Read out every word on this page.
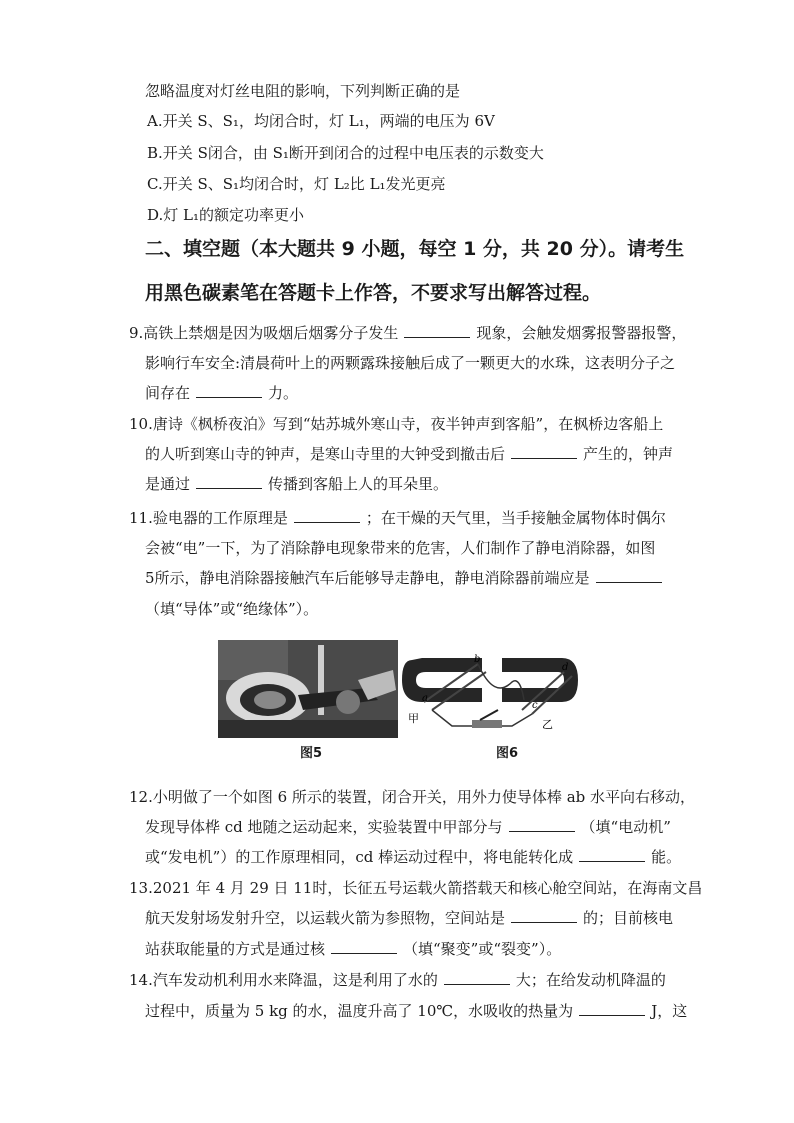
忽略温度对灯丝电阻的影响，下列判断正确的是
A.开关 S、S₁，均闭合时，灯 L₁，两端的电压为 6V
B.开关 S闭合，由 S₁断开到闭合的过程中电压表的示数变大
C.开关 S、S₁均闭合时，灯 L₂比 L₁发光更亮
D.灯 L₁的额定功率更小
二、填空题（本大题共 9 小题，每空 1 分，共 20 分）。请考生
用黑色碳素笔在答题卡上作答，不要求写出解答过程。
9.高铁上禁烟是因为吸烟后烟雾分子发生	现象，会触发烟雾报警器报警，
影响行车安全:清晨荷叶上的两颗露珠接触后成了一颗更大的水珠，这表明分子之
间存在	力。
10.唐诗《枫桥夜泊》写到“姑苏城外寒山寺，夜半钟声到客船”，在枫桥边客船上
的人听到寒山寺的钟声，是寒山寺里的大钟受到撤击后	产生的，钟声
是通过	传播到客船上人的耳朵里。
11.验电器的工作原理是	；在干燥的天气里，当手接触金属物体时偶尔
会被“电”一下，为了消除静电现象带来的危害，人们制作了静电消除器，如图
5所示，静电消除器接触汽车后能够导走静电，静电消除器前端应是
（填“导体”或“绝缘体”）。
a
b
c
d
甲	乙
图5	图6
12.小明做了一个如图 6 所示的装置，闭合开关，用外力使导体棒 ab 水平向右移动，
发现导体桦 cd 地随之运动起来，实验装置中甲部分与	（填“电动机”
或“发电机”）的工作原理相同，cd 棒运动过程中，将电能转化成	能。
13.2021 年 4 月 29 日 11时，长征五号运载火箭搭载天和核心舱空间站，在海南文昌
航天发射场发射升空，以运载火箭为参照物，空间站是	的；目前核电
站获取能量的方式是通过核	（填“聚变”或“裂变”）。
14.汽车发动机利用水来降温，这是利用了水的	大；在给发动机降温的
过程中，质量为 5 kg 的水，温度升高了 10℃，水吸收的热量为	J，这
